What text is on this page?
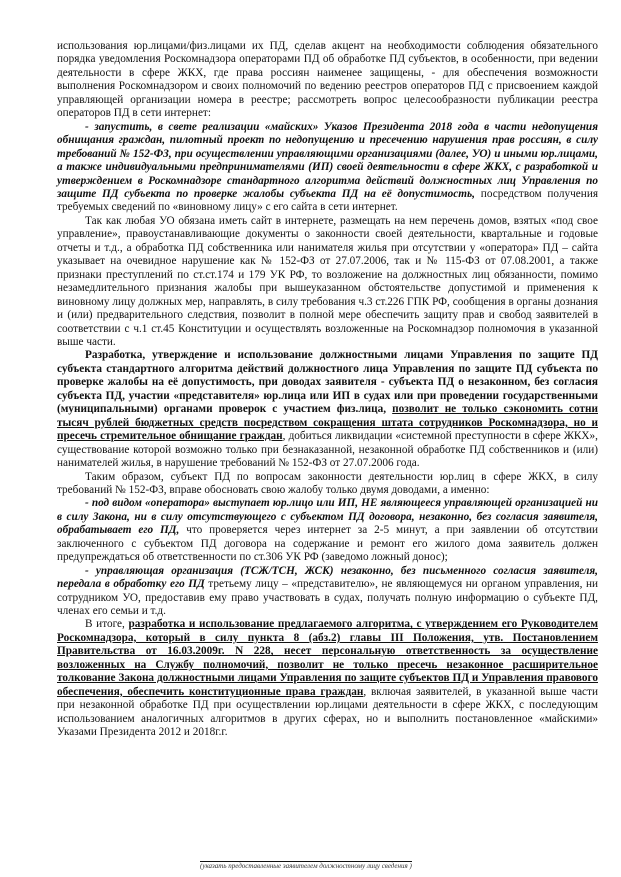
использования юр.лицами/физ.лицами их ПД, сделав акцент на необходимости соблюдения обязательного порядка уведомления Роскомнадзора операторами ПД об обработке ПД субъектов, в особенности, при ведении деятельности в сфере ЖКХ, где права россиян наименее защищены, - для обеспечения возможности выполнения Роскомнадзором и своих полномочий по ведению реестров операторов ПД с присвоением каждой управляющей организации номера в реестре; рассмотреть вопрос целесообразности публикации реестра операторов ПД в сети интернет:

- запустить, в свете реализации «майских» Указов Президента 2018 года в части недопущения обнищания граждан, пилотный проект по недопущению и пресечению нарушения прав россиян, в силу требований № 152-ФЗ, при осуществлении управляющими организациями (далее, УО) и иными юр.лицами, а также индивидуальными предпринимателями (ИП) своей деятельности в сфере ЖКХ, с разработкой и утверждением в Роскомнадзоре стандартного алгоритма действий должностных лиц Управления по защите ПД субъекта по проверке жалобы субъекта ПД на её допустимость, посредством получения требуемых сведений по «виновному лицу» с его сайта в сети интернет.

Так как любая УО обязана иметь сайт в интернете, размещать на нем перечень домов, взятых «под свое управление», правоустанавливающие документы о законности своей деятельности, квартальные и годовые отчеты и т.д., а обработка ПД собственника или нанимателя жилья при отсутствии у «оператора» ПД – сайта указывает на очевидное нарушение как № 152-ФЗ от 27.07.2006, так и № 115-ФЗ от 07.08.2001, а также признаки преступлений по ст.ст.174 и 179 УК РФ, то возложение на должностных лиц обязанности, помимо незамедлительного признания жалобы при вышеуказанном обстоятельстве допустимой и применения к виновному лицу должных мер, направлять, в силу требования ч.3 ст.226 ГПК РФ, сообщения в органы дознания и (или) предварительного следствия, позволит в полной мере обеспечить защиту прав и свобод заявителей в соответствии с ч.1 ст.45 Конституции и осуществлять возложенные на Роскомнадзор полномочия в указанной выше части.

Разработка, утверждение и использование должностными лицами Управления по защите ПД субъекта стандартного алгоритма действий должностного лица Управления по защите ПД субъекта по проверке жалобы на её допустимость, при доводах заявителя - субъекта ПД о незаконном, без согласия субъекта ПД, участии «представителя» юр.лица или ИП в судах или при проведении государственными (муниципальными) органами проверок с участием физ.лица, позволит не только сэкономить сотни тысяч рублей бюджетных средств посредством сокращения штата сотрудников Роскомнадзора, но и пресечь стремительное обнищание граждан, добиться ликвидации «системной преступности в сфере ЖКХ», существование которой возможно только при безнаказанной, незаконной обработке ПД собственников и (или) нанимателей жилья, в нарушение требований № 152-ФЗ от 27.07.2006 года.

Таким образом, субъект ПД по вопросам законности деятельности юр.лиц в сфере ЖКХ, в силу требований № 152-ФЗ, вправе обосновать свою жалобу только двумя доводами, а именно:

- под видом «оператора» выступает юр.лицо или ИП, НЕ являющееся управляющей организацией ни в силу Закона, ни в силу отсутствующего с субъектом ПД договора, незаконно, без согласия заявителя, обрабатывает его ПД, что проверяется через интернет за 2-5 минут, а при заявлении об отсутствии заключенного с субъектом ПД договора на содержание и ремонт его жилого дома заявитель должен предупреждаться об ответственности по ст.306 УК РФ (заведомо ложный донос);

- управляющая организация (ТСЖ/ТСН, ЖСК) незаконно, без письменного согласия заявителя, передала в обработку его ПД третьему лицу – «представителю», не являющемуся ни органом управления, ни сотрудником УО, предоставив ему право участвовать в судах, получать полную информацию о субъекте ПД, членах его семьи и т.д.

В итоге, разработка и использование предлагаемого алгоритма, с утверждением его Руководителем Роскомнадзора, который в силу пункта 8 (абз.2) главы III Положения, утв. Постановлением Правительства от 16.03.2009г. N 228, несет персональную ответственность за осуществление возложенных на Службу полномочий, позволит не только пресечь незаконное расширительное толкование Закона должностными лицами Управления по защите субъектов ПД и Управления правового обеспечения, обеспечить конституционные права граждан, включая заявителей, в указанной выше части при незаконной обработке ПД при осуществлении юр.лицами деятельности в сфере ЖКХ, с последующим использованием аналогичных алгоритмов в других сферах, но и выполнить постановленное «майскими» Указами Президента 2012 и 2018г.г.

(указать предоставленные заявителем должностному лицу сведения )
